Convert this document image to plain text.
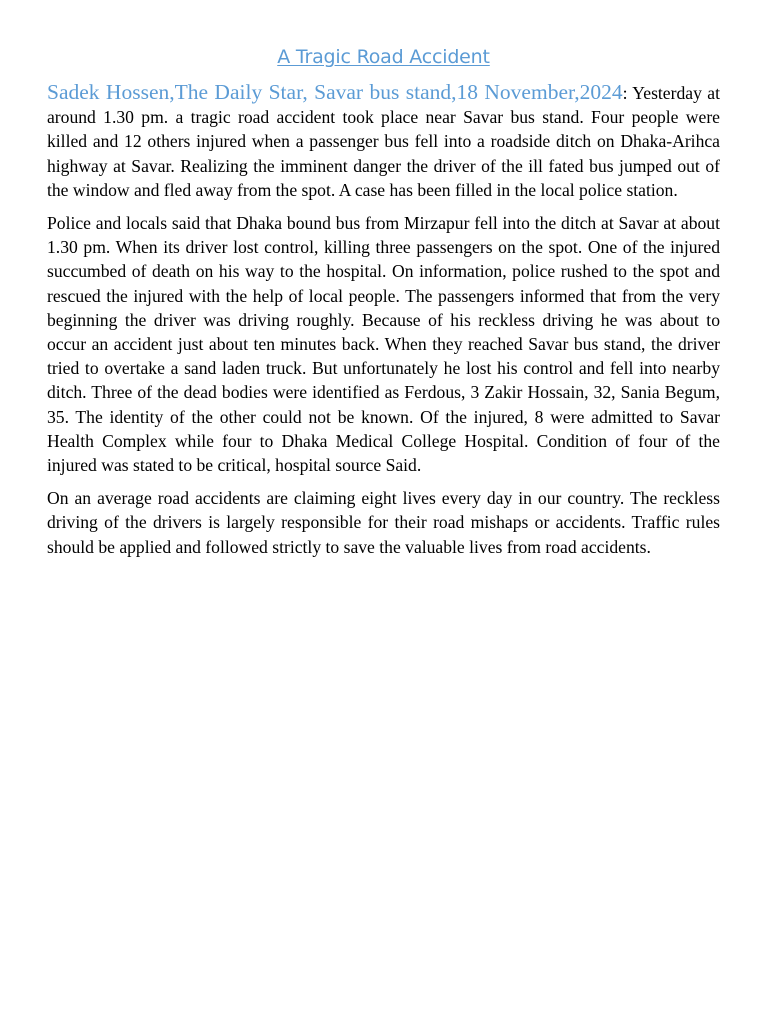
A Tragic Road Accident

Sadek Hossen,The Daily Star, Savar bus stand,18 November,2024: Yesterday at around 1.30 pm. a tragic road accident took place near Savar bus stand. Four people were killed and 12 others injured when a passenger bus fell into a roadside ditch on Dhaka-Arihca highway at Savar. Realizing the imminent danger the driver of the ill fated bus jumped out of the window and fled away from the spot. A case has been filled in the local police station.

Police and locals said that Dhaka bound bus from Mirzapur fell into the ditch at Savar at about 1.30 pm. When its driver lost control, killing three passengers on the spot. One of the injured succumbed of death on his way to the hospital. On information, police rushed to the spot and rescued the injured with the help of local people. The passengers informed that from the very beginning the driver was driving roughly. Because of his reckless driving he was about to occur an accident just about ten minutes back. When they reached Savar bus stand, the driver tried to overtake a sand laden truck. But unfortunately he lost his control and fell into nearby ditch. Three of the dead bodies were identified as Ferdous, 3 Zakir Hossain, 32, Sania Begum, 35. The identity of the other could not be known. Of the injured, 8 were admitted to Savar Health Complex while four to Dhaka Medical College Hospital. Condition of four of the injured was stated to be critical, hospital source Said.

On an average road accidents are claiming eight lives every day in our country. The reckless driving of the drivers is largely responsible for their road mishaps or accidents. Traffic rules should be applied and followed strictly to save the valuable lives from road accidents.
